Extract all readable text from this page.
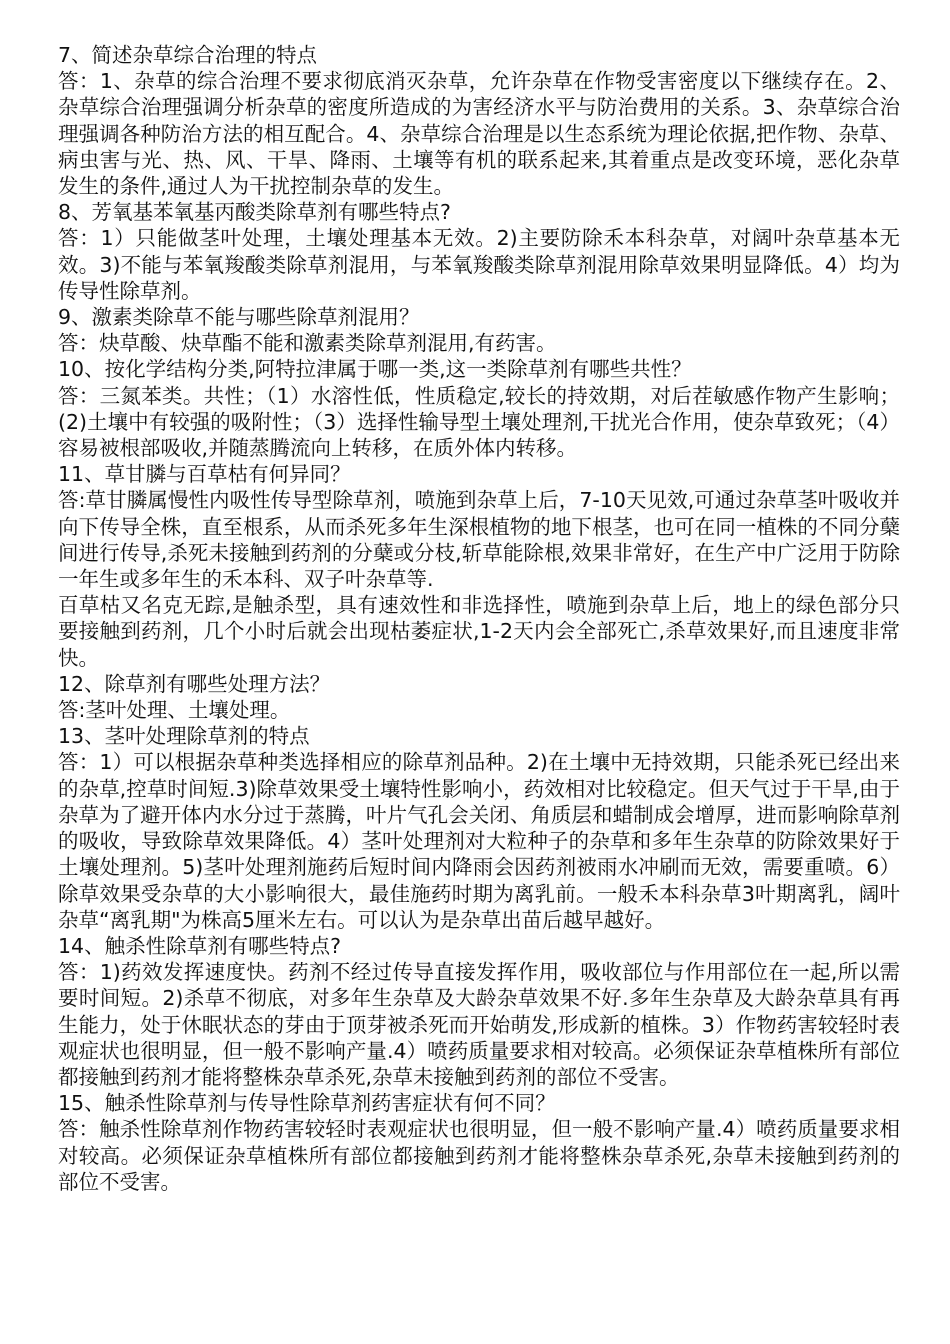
7、简述杂草综合治理的特点

答：1、杂草的综合治理不要求彻底消灭杂草，允许杂草在作物受害密度以下继续存在。2、杂草综合治理强调分析杂草的密度所造成的为害经济水平与防治费用的关系。3、杂草综合治理强调各种防治方法的相互配合。4、杂草综合治理是以生态系统为理论依据,把作物、杂草、病虫害与光、热、风、干旱、降雨、土壤等有机的联系起来,其着重点是改变环境，恶化杂草发生的条件,通过人为干扰控制杂草的发生。

8、芳氧基苯氧基丙酸类除草剂有哪些特点?

答：1）只能做茎叶处理，土壤处理基本无效。2)主要防除禾本科杂草，对阔叶杂草基本无效。3)不能与苯氧羧酸类除草剂混用，与苯氧羧酸类除草剂混用除草效果明显降低。4）均为传导性除草剂。

9、激素类除草不能与哪些除草剂混用？

答：炔草酸、炔草酯不能和激素类除草剂混用,有药害。

10、按化学结构分类,阿特拉津属于哪一类,这一类除草剂有哪些共性？

答：三氮苯类。共性；（1）水溶性低，性质稳定,较长的持效期，对后茬敏感作物产生影响；(2)土壤中有较强的吸附性；（3）选择性输导型土壤处理剂,干扰光合作用，使杂草致死；（4）容易被根部吸收,并随蒸腾流向上转移，在质外体内转移。

11、草甘膦与百草枯有何异同？

答:草甘膦属慢性内吸性传导型除草剂，喷施到杂草上后，7-10天见效,可通过杂草茎叶吸收并向下传导全株，直至根系，从而杀死多年生深根植物的地下根茎，也可在同一植株的不同分蘖间进行传导,杀死未接触到药剂的分蘖或分枝,斩草能除根,效果非常好，在生产中广泛用于防除一年生或多年生的禾本科、双子叶杂草等.

百草枯又名克无踪,是触杀型，具有速效性和非选择性，喷施到杂草上后，地上的绿色部分只要接触到药剂，几个小时后就会出现枯萎症状,1-2天内会全部死亡,杀草效果好,而且速度非常快。

12、除草剂有哪些处理方法？

答:茎叶处理、土壤处理。

13、茎叶处理除草剂的特点

答：1）可以根据杂草种类选择相应的除草剂品种。2)在土壤中无持效期，只能杀死已经出来的杂草,控草时间短.3)除草效果受土壤特性影响小，药效相对比较稳定。但天气过于干旱,由于杂草为了避开体内水分过于蒸腾，叶片气孔会关闭、角质层和蜡制成会增厚，进而影响除草剂的吸收，导致除草效果降低。4）茎叶处理剂对大粒种子的杂草和多年生杂草的防除效果好于土壤处理剂。5)茎叶处理剂施药后短时间内降雨会因药剂被雨水冲刷而无效，需要重喷。6）除草效果受杂草的大小影响很大，最佳施药时期为离乳前。一般禾本科杂草3叶期离乳，阔叶杂草“离乳期"为株高5厘米左右。可以认为是杂草出苗后越早越好。

14、触杀性除草剂有哪些特点?

答：1)药效发挥速度快。药剂不经过传导直接发挥作用，吸收部位与作用部位在一起,所以需要时间短。2)杀草不彻底，对多年生杂草及大龄杂草效果不好.多年生杂草及大龄杂草具有再生能力，处于休眠状态的芽由于顶芽被杀死而开始萌发,形成新的植株。3）作物药害较轻时表观症状也很明显，但一般不影响产量.4）喷药质量要求相对较高。必须保证杂草植株所有部位都接触到药剂才能将整株杂草杀死,杂草未接触到药剂的部位不受害。

15、触杀性除草剂与传导性除草剂药害症状有何不同？

答：触杀性除草剂作物药害较轻时表观症状也很明显，但一般不影响产量.4）喷药质量要求相对较高。必须保证杂草植株所有部位都接触到药剂才能将整株杂草杀死,杂草未接触到药剂的部位不受害。
